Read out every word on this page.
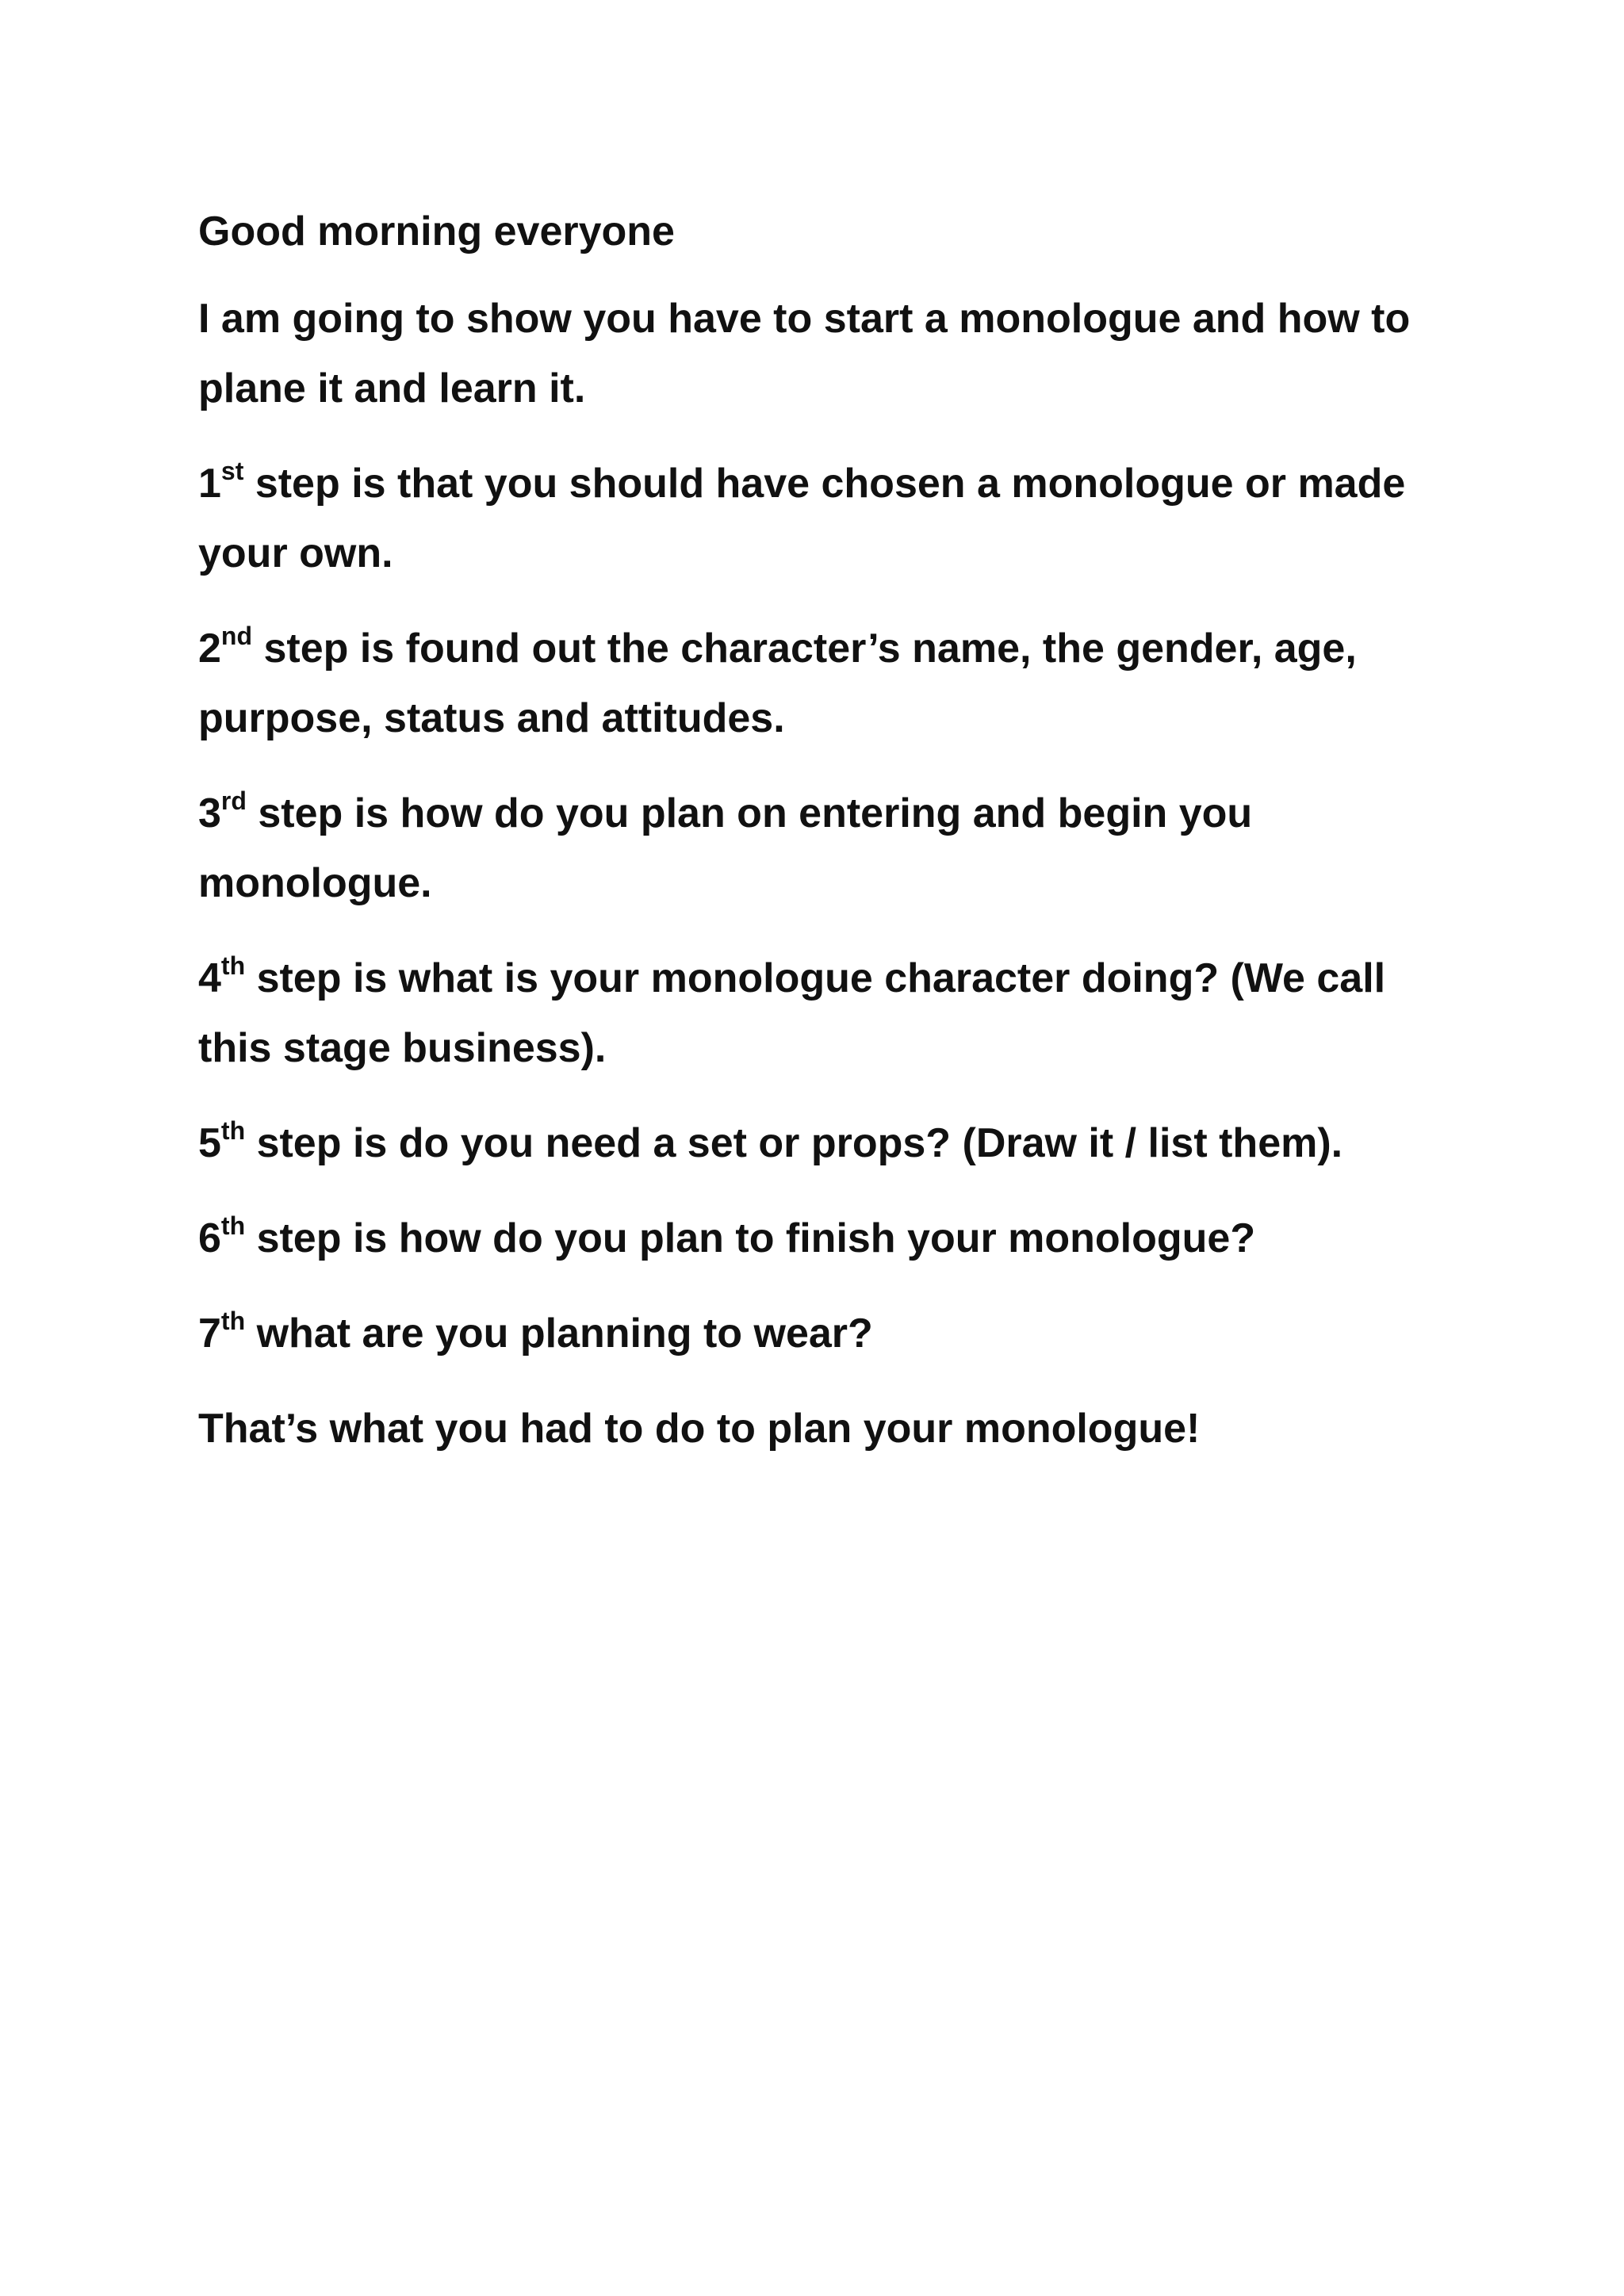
Good morning everyone

I am going to show you have to start a monologue and how to plane it and learn it.

1st step is that you should have chosen a monologue or made your own.

2nd step is found out the character’s name, the gender, age, purpose, status and attitudes.

3rd step is how do you plan on entering and begin you monologue.

4th step is what is your monologue character doing? (We call this stage business).

5th step is do you need a set or props? (Draw it / list them).

6th step is how do you plan to finish your monologue?

7th what are you planning to wear?

That’s what you had to do to plan your monologue!
